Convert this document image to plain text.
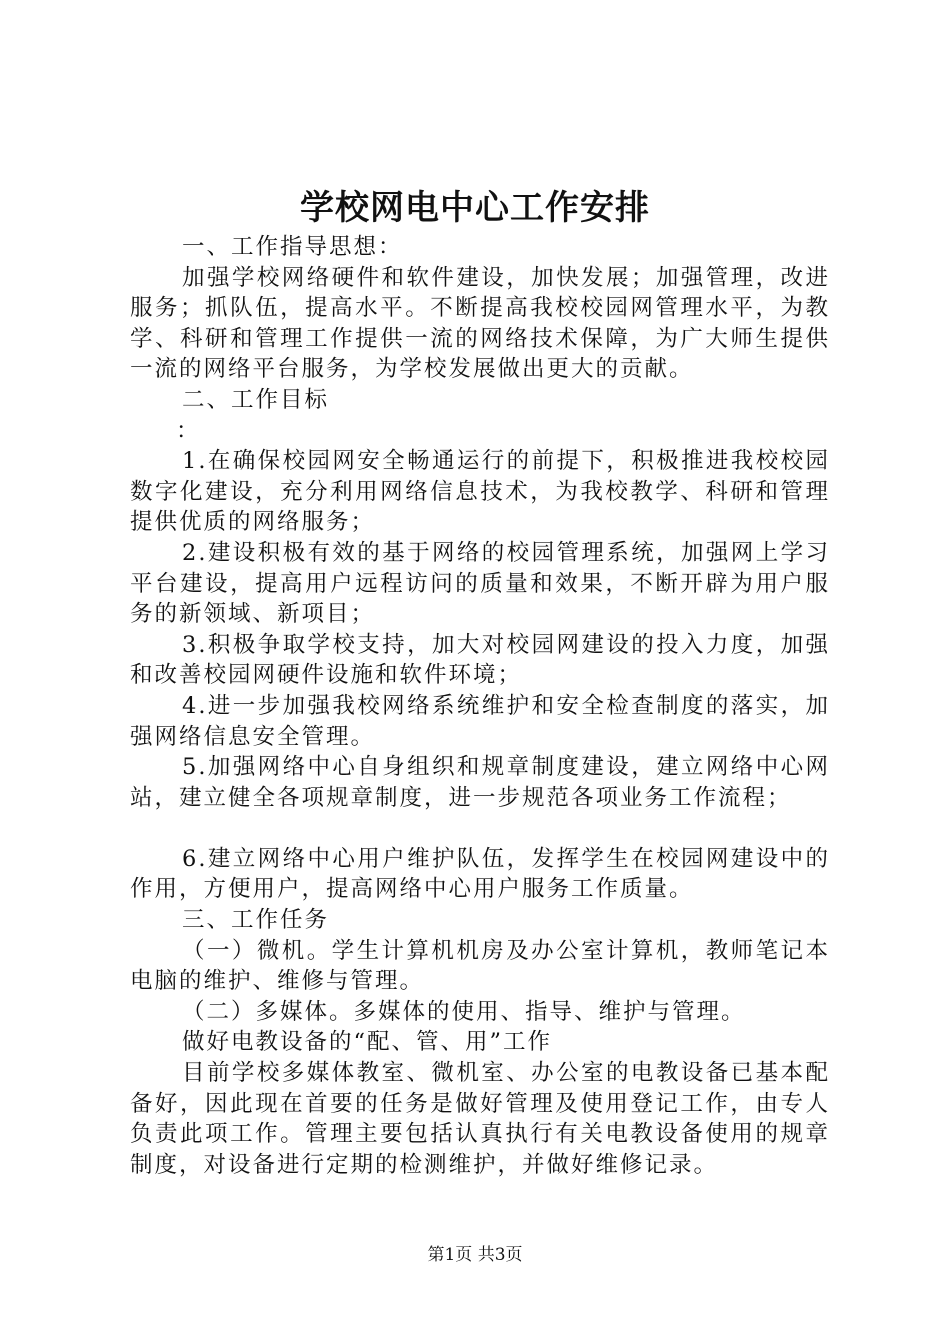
学校网电中心工作安排

一、工作指导思想：

加强学校网络硬件和软件建设，加快发展；加强管理，改进服务；抓队伍，提高水平。不断提高我校校园网管理水平，为教学、科研和管理工作提供一流的网络技术保障，为广大师生提供一流的网络平台服务，为学校发展做出更大的贡献。

二、工作目标

：

1.在确保校园网安全畅通运行的前提下，积极推进我校校园数字化建设，充分利用网络信息技术，为我校教学、科研和管理提供优质的网络服务；

2.建设积极有效的基于网络的校园管理系统，加强网上学习平台建设，提高用户远程访问的质量和效果，不断开辟为用户服务的新领域、新项目；

3.积极争取学校支持，加大对校园网建设的投入力度，加强和改善校园网硬件设施和软件环境；

4.进一步加强我校网络系统维护和安全检查制度的落实，加强网络信息安全管理。

5.加强网络中心自身组织和规章制度建设，建立网络中心网站，建立健全各项规章制度，进一步规范各项业务工作流程；

6.建立网络中心用户维护队伍，发挥学生在校园网建设中的作用，方便用户，提高网络中心用户服务工作质量。

三、工作任务

（一）微机。学生计算机机房及办公室计算机，教师笔记本电脑的维护、维修与管理。

（二）多媒体。多媒体的使用、指导、维护与管理。

做好电教设备的“配、管、用”工作

目前学校多媒体教室、微机室、办公室的电教设备已基本配备好，因此现在首要的任务是做好管理及使用登记工作，由专人负责此项工作。管理主要包括认真执行有关电教设备使用的规章制度，对设备进行定期的检测维护，并做好维修记录。

第1页 共3页
